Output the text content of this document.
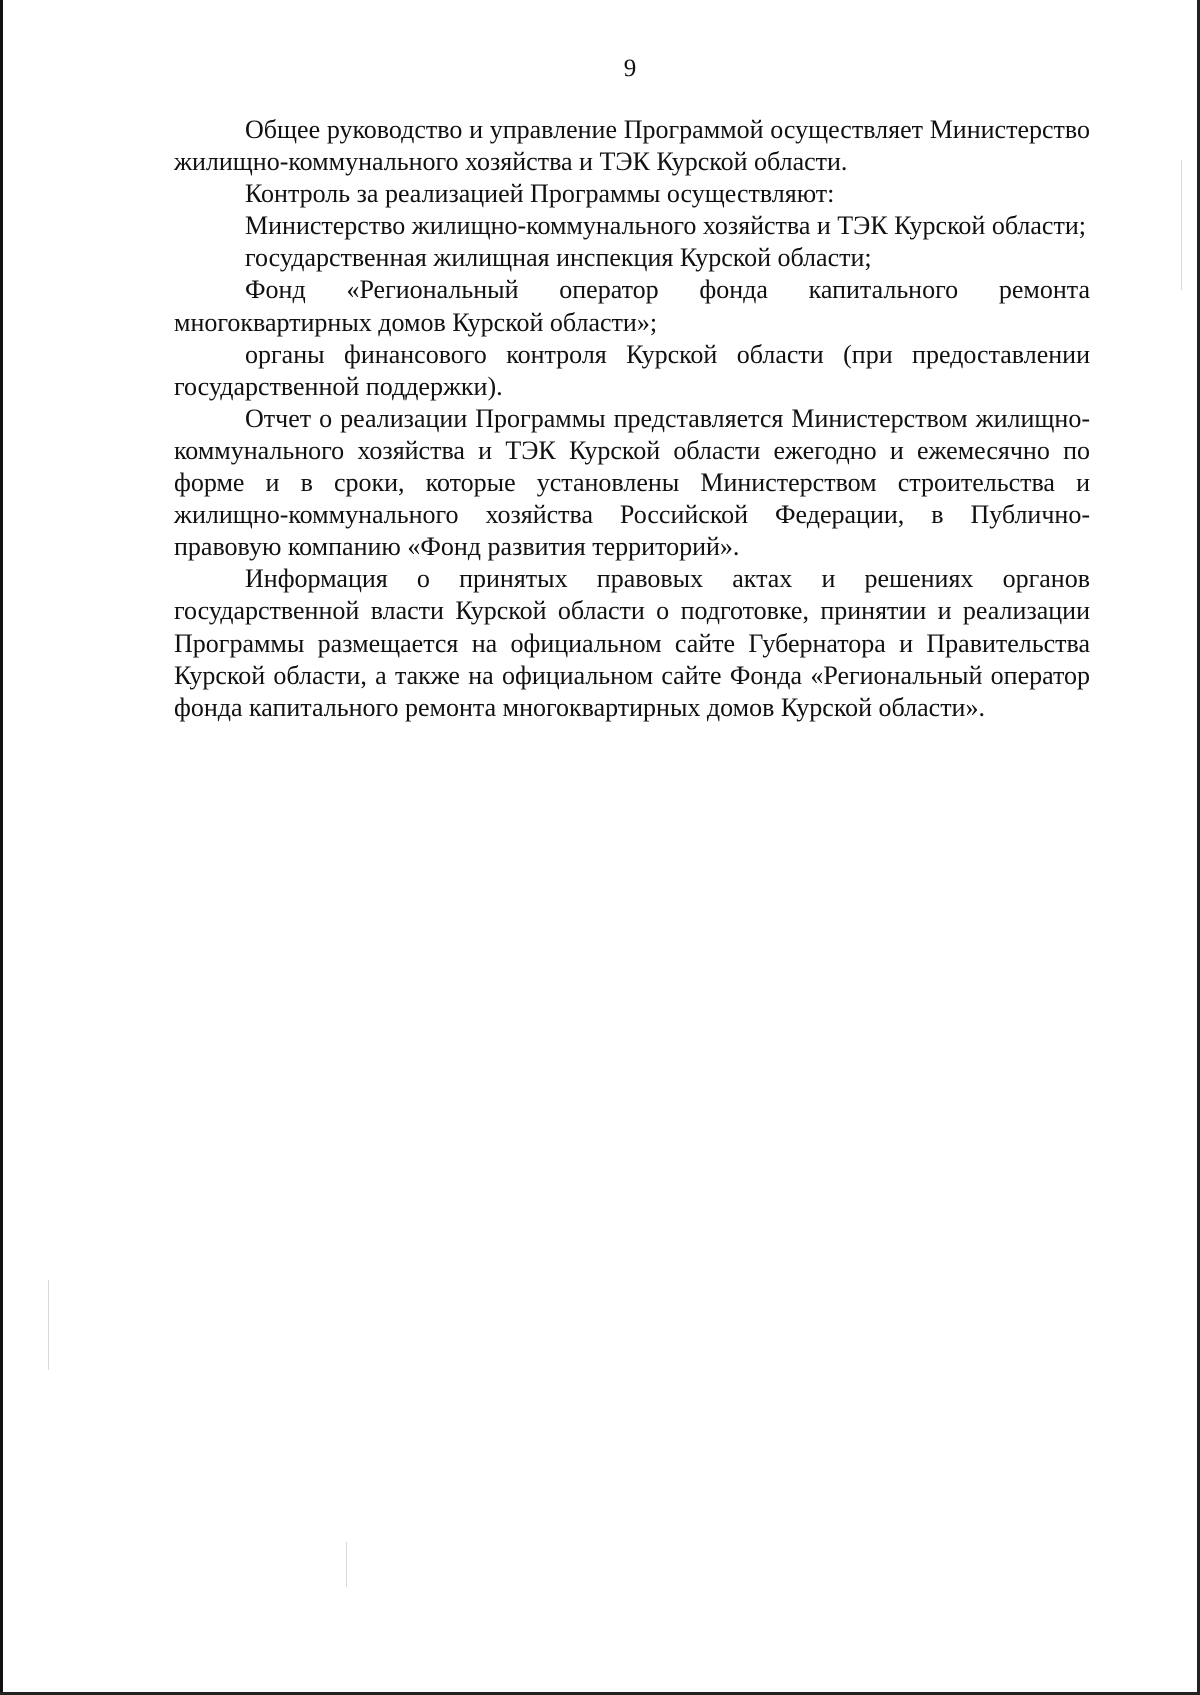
9

Общее руководство и управление Программой осуществляет Министерство жилищно-коммунального хозяйства и ТЭК Курской области.

Контроль за реализацией Программы осуществляют:

Министерство жилищно-коммунального хозяйства и ТЭК Курской области;

государственная жилищная инспекция Курской области;

Фонд «Региональный оператор фонда капитального ремонта многоквартирных домов Курской области»;

органы финансового контроля Курской области (при предоставлении государственной поддержки).

Отчет о реализации Программы представляется Министерством жилищно-коммунального хозяйства и ТЭК Курской области ежегодно и ежемесячно по форме и в сроки, которые установлены Министерством строительства и жилищно-коммунального хозяйства Российской Федерации, в Публично-правовую компанию «Фонд развития территорий».

Информация о принятых правовых актах и решениях органов государственной власти Курской области о подготовке, принятии и реализации Программы размещается на официальном сайте Губернатора и Правительства Курской области, а также на официальном сайте Фонда «Региональный оператор фонда капитального ремонта многоквартирных домов Курской области».
